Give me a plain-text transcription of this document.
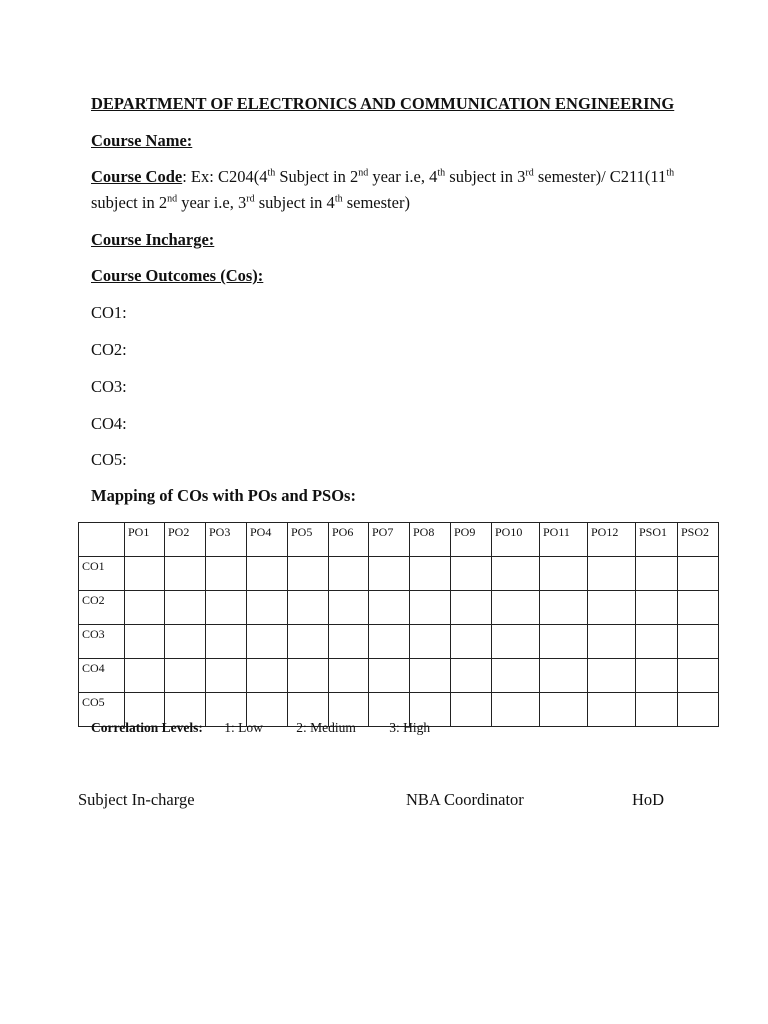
DEPARTMENT OF ELECTRONICS AND COMMUNICATION ENGINEERING
Course Name:
Course Code: Ex: C204(4th Subject in 2nd year i.e, 4th subject in 3rd semester)/ C211(11th
subject in 2nd year i.e, 3rd subject in 4th semester)
Course Incharge:
Course Outcomes (Cos):
CO1:
CO2:
CO3:
CO4:
CO5:
Mapping of COs with POs and PSOs:
	PO1	PO2	PO3	PO4	PO5	PO6	PO7	PO8	PO9	PO10	PO11	PO12	PSO1	PSO2
CO1														
CO2														
CO3														
CO4														
CO5														
Correlation Levels: 1: Low 2: Medium 3: High
Subject In-charge	NBA Coordinator	HoD
